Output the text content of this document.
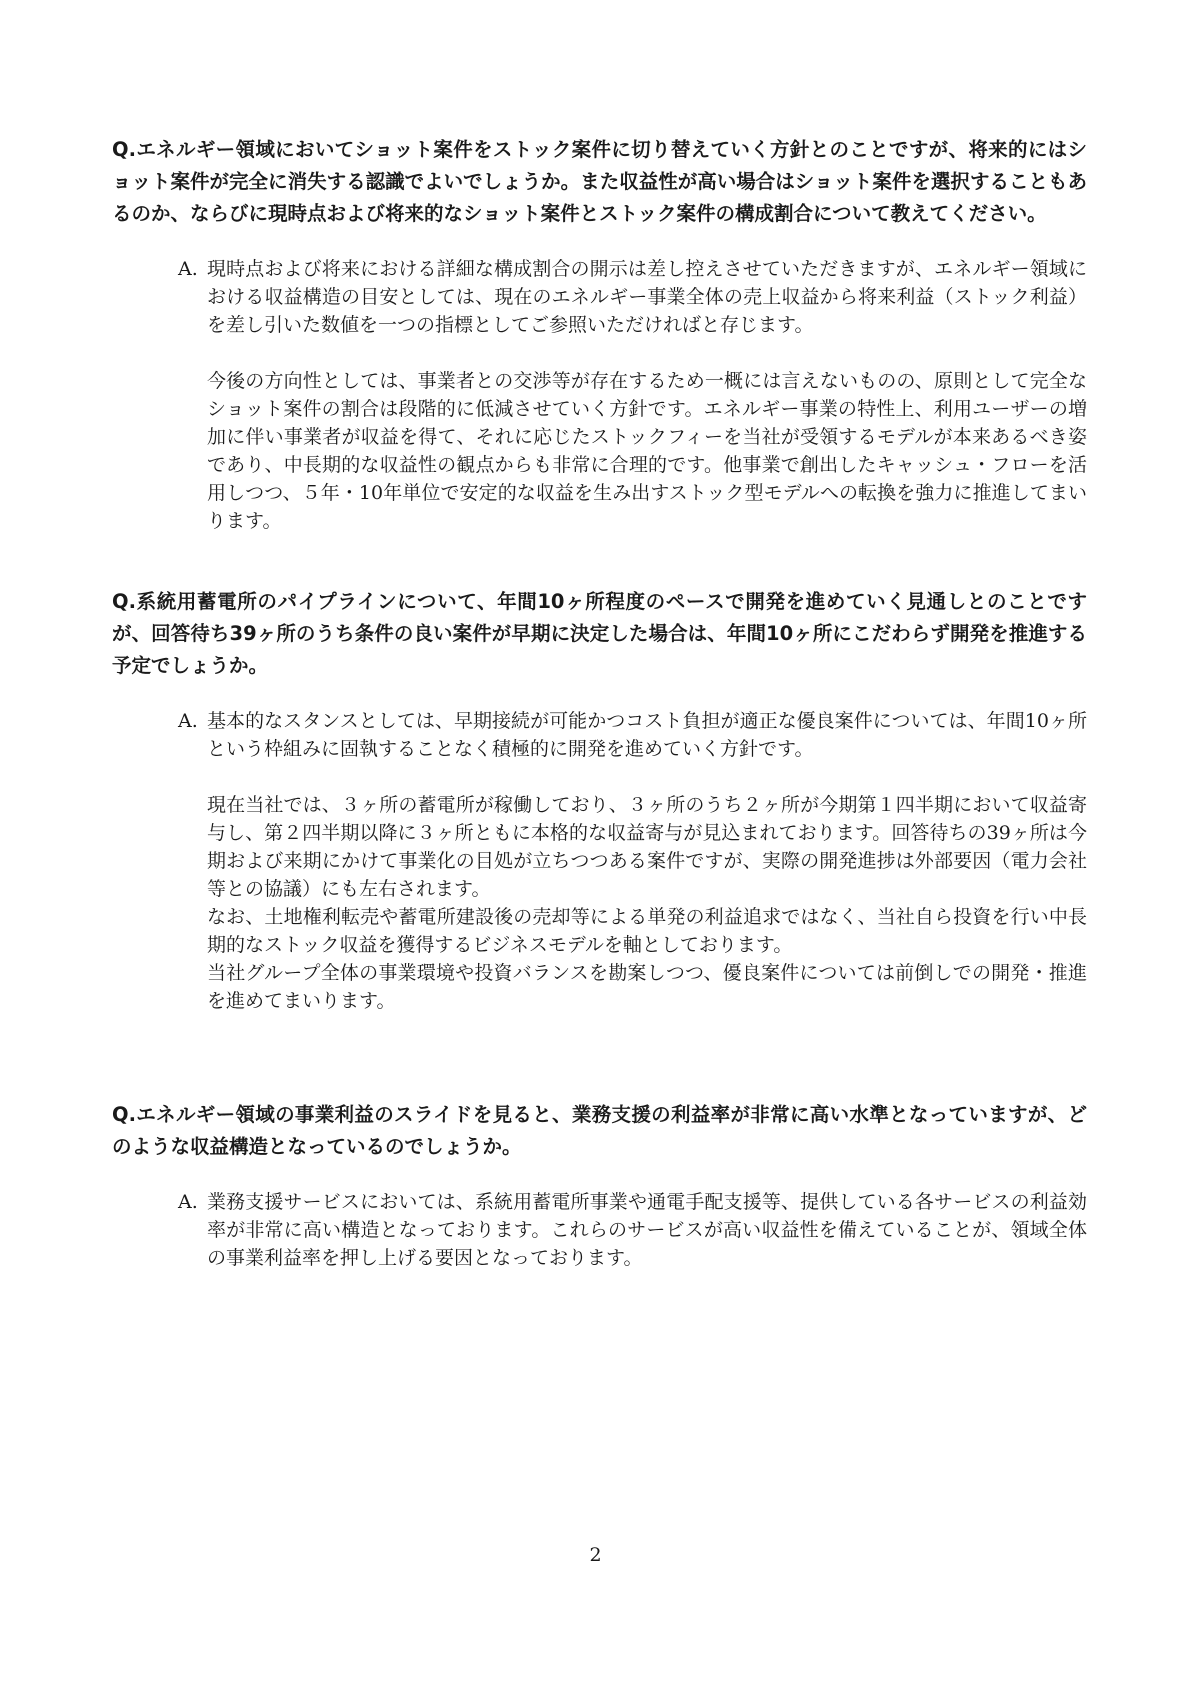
Q.エネルギー領域においてショット案件をストック案件に切り替えていく方針とのことですが、将来的にはショット案件が完全に消失する認識でよいでしょうか。また収益性が高い場合はショット案件を選択することもあるのか、ならびに現時点および将来的なショット案件とストック案件の構成割合について教えてください。

A. 現時点および将来における詳細な構成割合の開示は差し控えさせていただきますが、エネルギー領域における収益構造の目安としては、現在のエネルギー事業全体の売上収益から将来利益（ストック利益）を差し引いた数値を一つの指標としてご参照いただければと存じます。

今後の方向性としては、事業者との交渉等が存在するため一概には言えないものの、原則として完全なショット案件の割合は段階的に低減させていく方針です。エネルギー事業の特性上、利用ユーザーの増加に伴い事業者が収益を得て、それに応じたストックフィーを当社が受領するモデルが本来あるべき姿であり、中長期的な収益性の観点からも非常に合理的です。他事業で創出したキャッシュ・フローを活用しつつ、５年・10年単位で安定的な収益を生み出すストック型モデルへの転換を強力に推進してまいります。

Q.系統用蓄電所のパイプラインについて、年間10ヶ所程度のペースで開発を進めていく見通しとのことですが、回答待ち39ヶ所のうち条件の良い案件が早期に決定した場合は、年間10ヶ所にこだわらず開発を推進する予定でしょうか。

A. 基本的なスタンスとしては、早期接続が可能かつコスト負担が適正な優良案件については、年間10ヶ所という枠組みに固執することなく積極的に開発を進めていく方針です。

現在当社では、３ヶ所の蓄電所が稼働しており、３ヶ所のうち２ヶ所が今期第１四半期において収益寄与し、第２四半期以降に３ヶ所ともに本格的な収益寄与が見込まれております。回答待ちの39ヶ所は今期および来期にかけて事業化の目処が立ちつつある案件ですが、実際の開発進捗は外部要因（電力会社等との協議）にも左右されます。

なお、土地権利転売や蓄電所建設後の売却等による単発の利益追求ではなく、当社自ら投資を行い中長期的なストック収益を獲得するビジネスモデルを軸としております。

当社グループ全体の事業環境や投資バランスを勘案しつつ、優良案件については前倒しでの開発・推進を進めてまいります。

Q.エネルギー領域の事業利益のスライドを見ると、業務支援の利益率が非常に高い水準となっていますが、どのような収益構造となっているのでしょうか。

A. 業務支援サービスにおいては、系統用蓄電所事業や通電手配支援等、提供している各サービスの利益効率が非常に高い構造となっております。これらのサービスが高い収益性を備えていることが、領域全体の事業利益率を押し上げる要因となっております。

2
